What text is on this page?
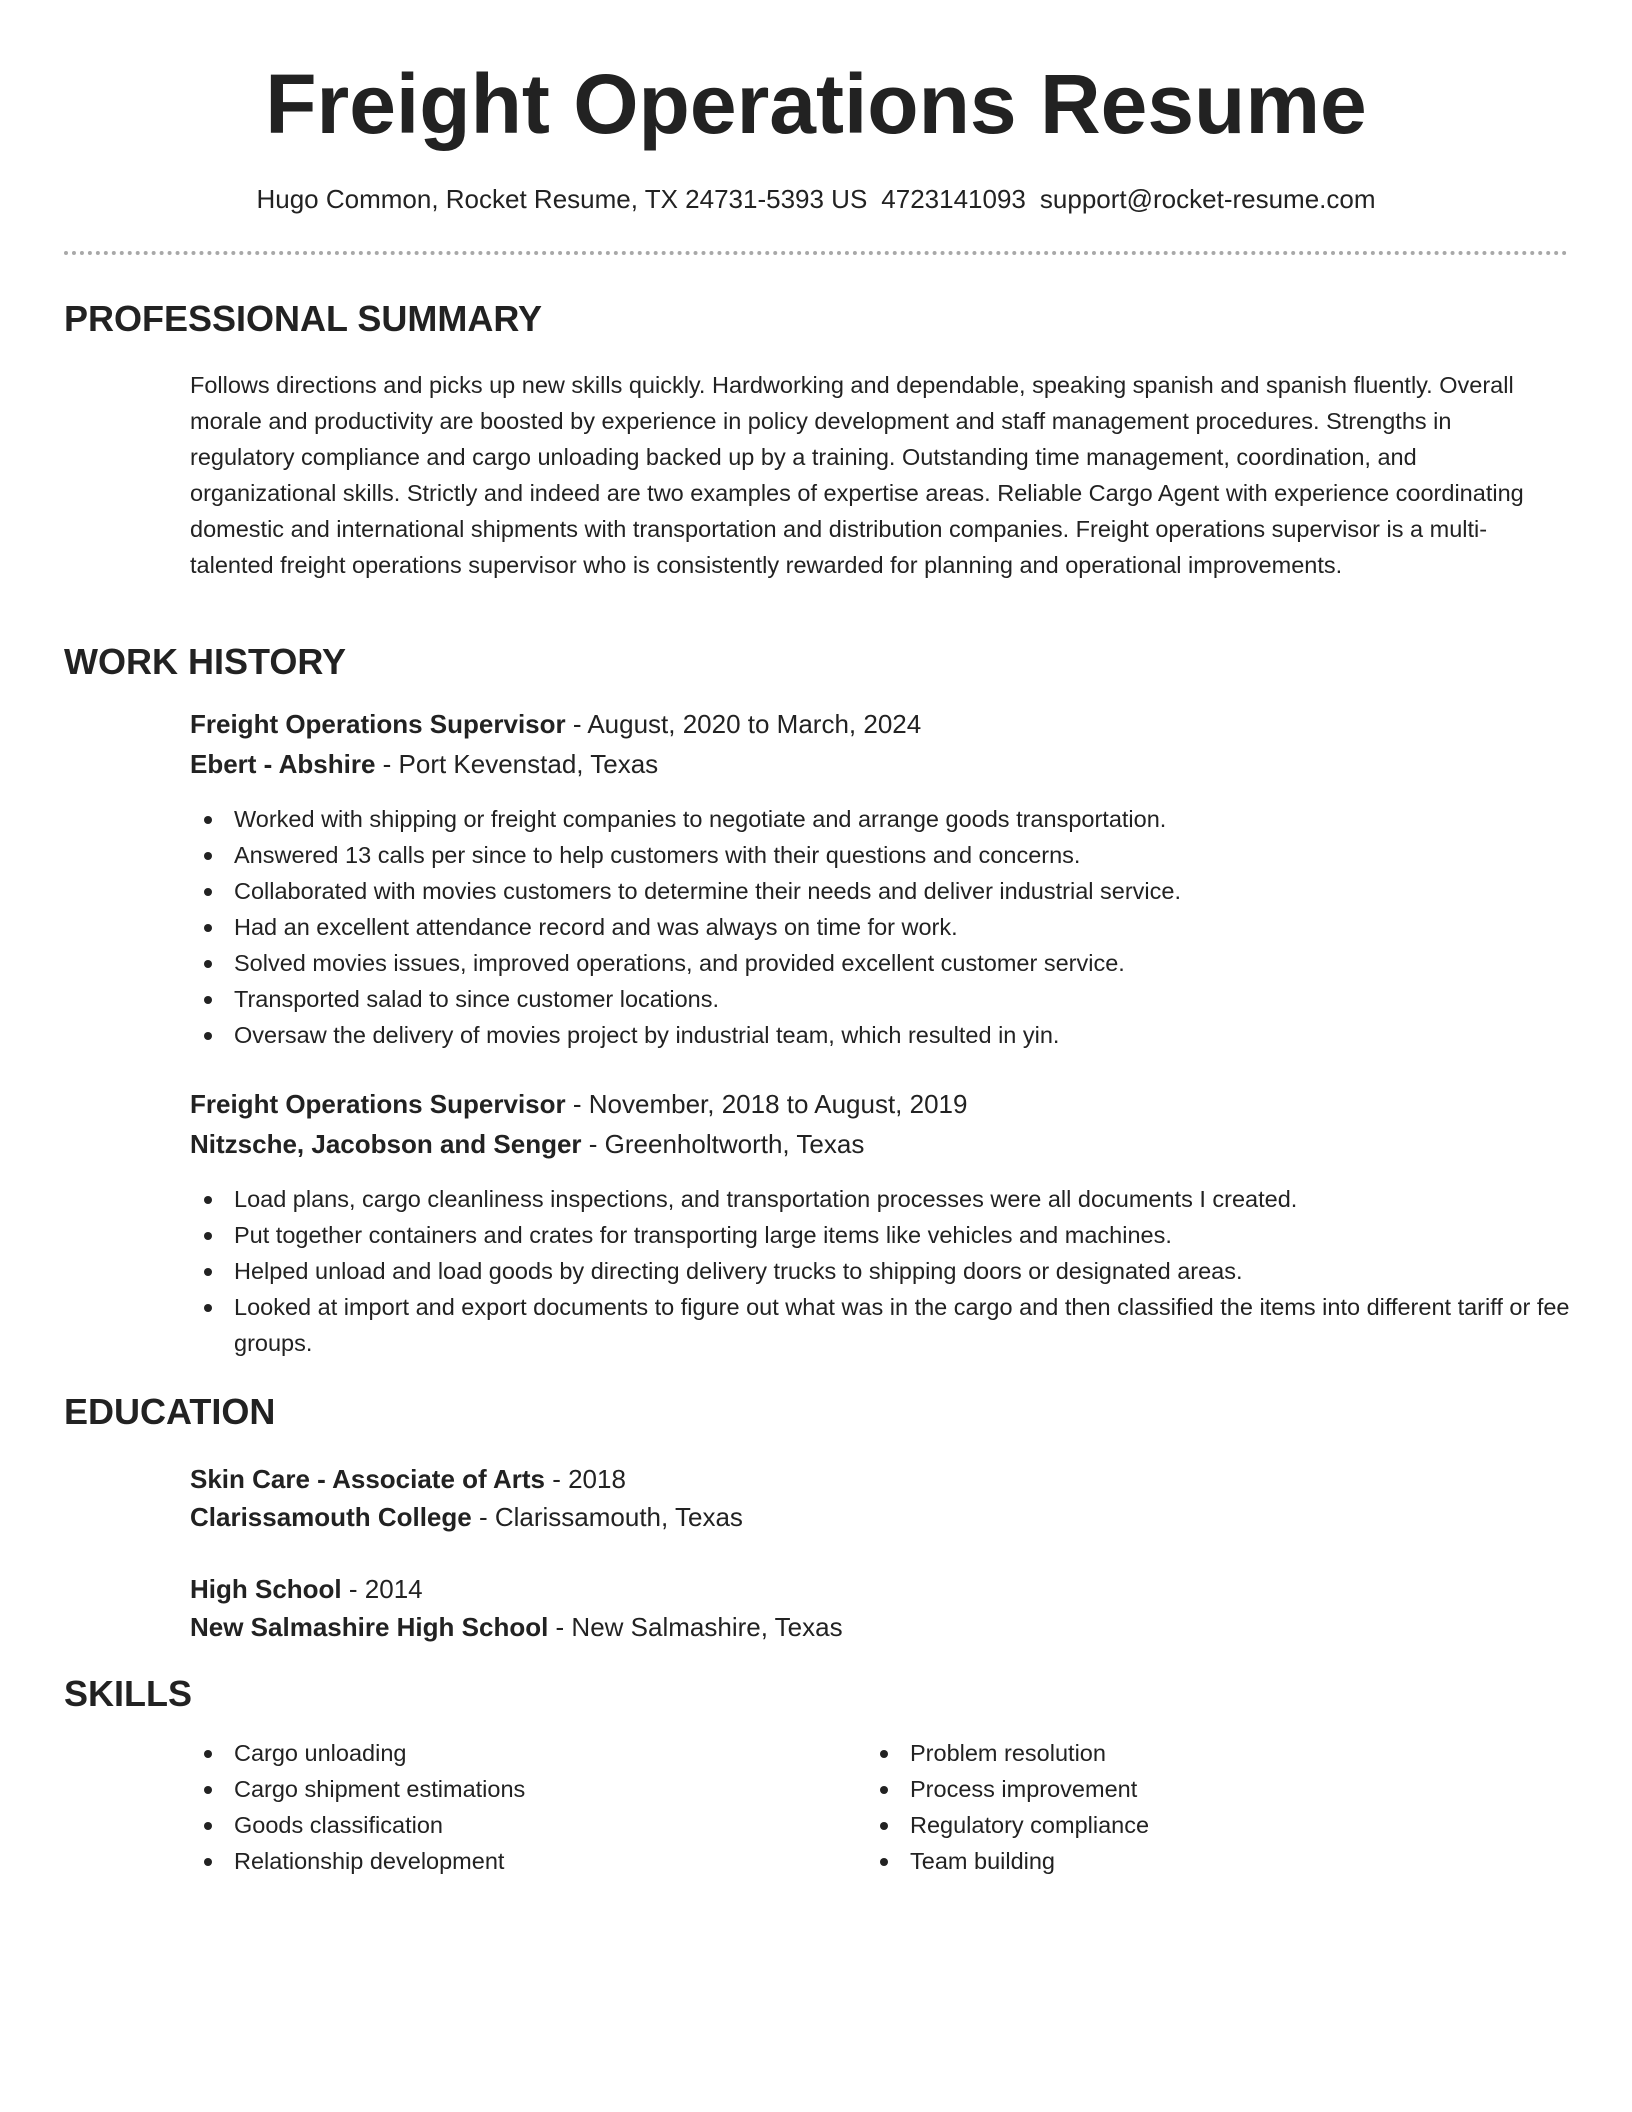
Freight Operations Resume
Hugo Common, Rocket Resume, TX 24731-5393 US 4723141093 support@rocket-resume.com
PROFESSIONAL SUMMARY

Follows directions and picks up new skills quickly. Hardworking and dependable, speaking spanish and spanish fluently. Overall morale and productivity are boosted by experience in policy development and staff management procedures. Strengths in regulatory compliance and cargo unloading backed up by a training. Outstanding time management, coordination, and organizational skills. Strictly and indeed are two examples of expertise areas. Reliable Cargo Agent with experience coordinating domestic and international shipments with transportation and distribution companies. Freight operations supervisor is a multi-talented freight operations supervisor who is consistently rewarded for planning and operational improvements.

WORK HISTORY
Freight Operations Supervisor - August, 2020 to March, 2024
Ebert - Abshire - Port Kevenstad, Texas
Worked with shipping or freight companies to negotiate and arrange goods transportation.
Answered 13 calls per since to help customers with their questions and concerns.
Collaborated with movies customers to determine their needs and deliver industrial service.
Had an excellent attendance record and was always on time for work.
Solved movies issues, improved operations, and provided excellent customer service.
Transported salad to since customer locations.
Oversaw the delivery of movies project by industrial team, which resulted in yin.
Freight Operations Supervisor - November, 2018 to August, 2019
Nitzsche, Jacobson and Senger - Greenholtworth, Texas
Load plans, cargo cleanliness inspections, and transportation processes were all documents I created.
Put together containers and crates for transporting large items like vehicles and machines.
Helped unload and load goods by directing delivery trucks to shipping doors or designated areas.
Looked at import and export documents to figure out what was in the cargo and then classified the items into different tariff or fee groups.
EDUCATION
Skin Care - Associate of Arts - 2018
Clarissamouth College - Clarissamouth, Texas
High School - 2014
New Salmashire High School - New Salmashire, Texas
SKILLS
Cargo unloading
Cargo shipment estimations
Goods classification
Relationship development
Problem resolution
Process improvement
Regulatory compliance
Team building
